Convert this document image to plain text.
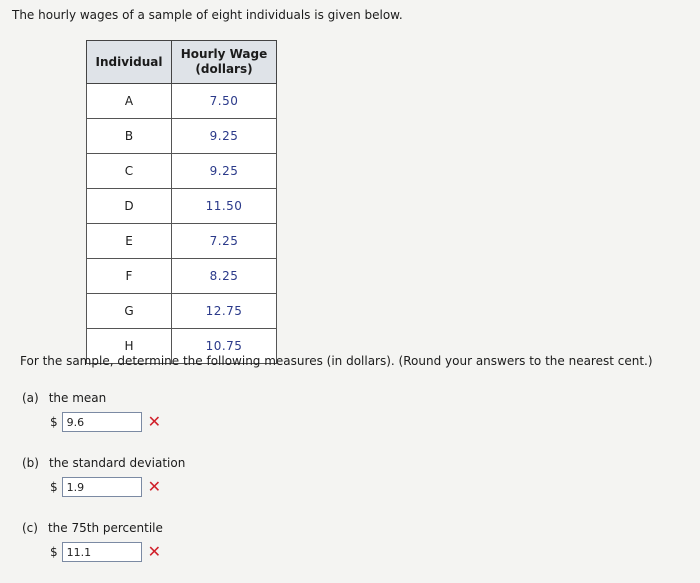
The hourly wages of a sample of eight individuals is given below.
Individual	Hourly Wage
(dollars)
A	7.50
B	9.25
C	9.25
D	11.50
E	7.25
F	8.25
G	12.75
H	10.75
For the sample, determine the following measures (in dollars). (Round your answers to the nearest cent.)
(a) the mean
$
9.6	✕
(b) the standard deviation
$
1.9	✕
(c) the 75th percentile
$
11.1	✕
